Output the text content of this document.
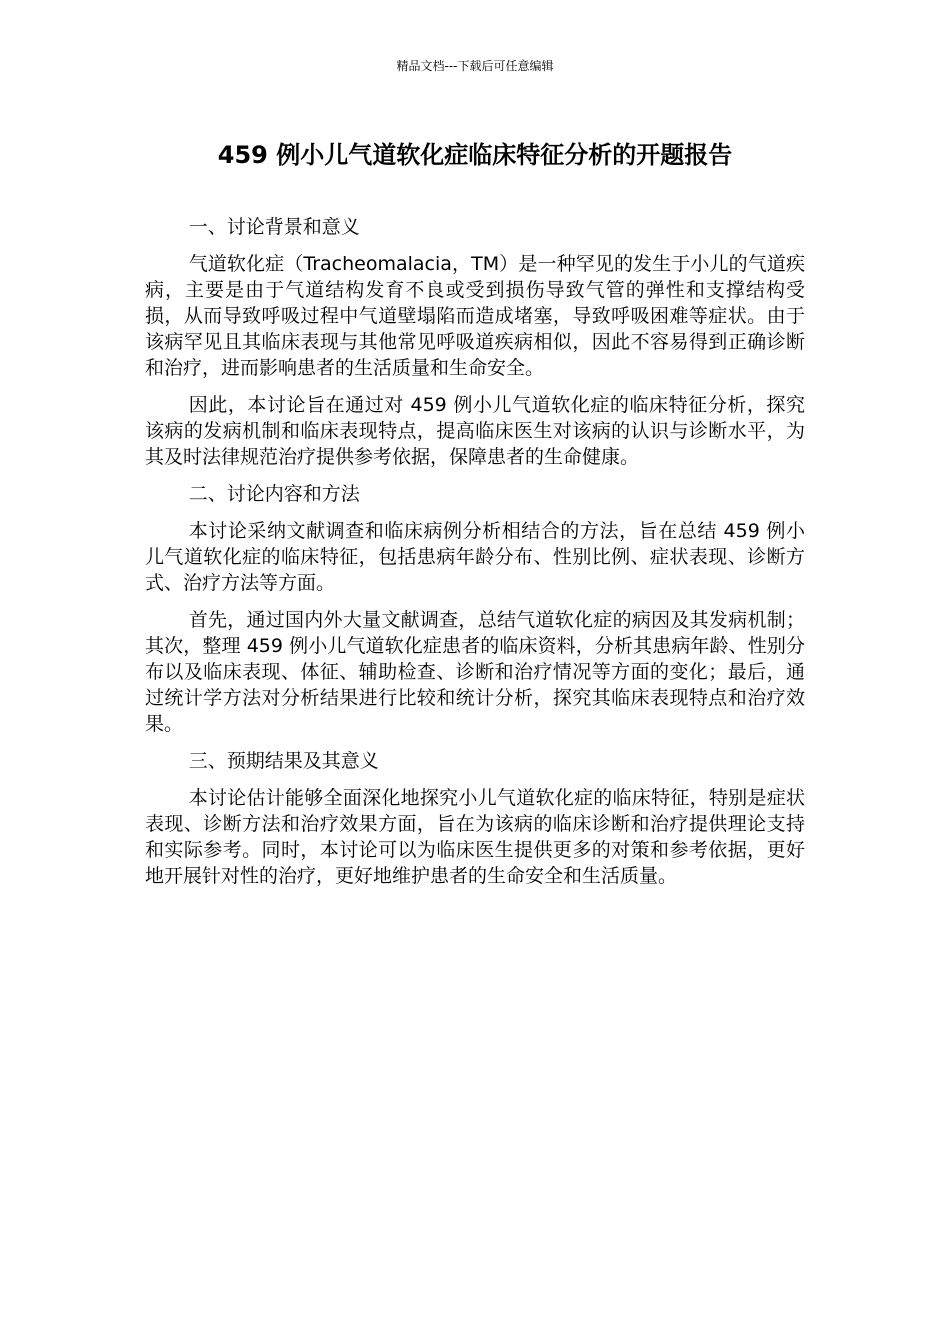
精品文档---下载后可任意编辑
459 例小儿气道软化症临床特征分析的开题报告

一、讨论背景和意义

气道软化症（Tracheomalacia，TM）是一种罕见的发生于小儿的气道疾病，主要是由于气道结构发育不良或受到损伤导致气管的弹性和支撑结构受损，从而导致呼吸过程中气道壁塌陷而造成堵塞，导致呼吸困难等症状。由于该病罕见且其临床表现与其他常见呼吸道疾病相似，因此不容易得到正确诊断和治疗，进而影响患者的生活质量和生命安全。

因此，本讨论旨在通过对 459 例小儿气道软化症的临床特征分析，探究该病的发病机制和临床表现特点，提高临床医生对该病的认识与诊断水平，为其及时法律规范治疗提供参考依据，保障患者的生命健康。

二、讨论内容和方法

本讨论采纳文献调查和临床病例分析相结合的方法，旨在总结 459 例小儿气道软化症的临床特征，包括患病年龄分布、性别比例、症状表现、诊断方式、治疗方法等方面。

首先，通过国内外大量文献调查，总结气道软化症的病因及其发病机制；其次，整理 459 例小儿气道软化症患者的临床资料，分析其患病年龄、性别分布以及临床表现、体征、辅助检查、诊断和治疗情况等方面的变化；最后，通过统计学方法对分析结果进行比较和统计分析，探究其临床表现特点和治疗效果。

三、预期结果及其意义

本讨论估计能够全面深化地探究小儿气道软化症的临床特征，特别是症状表现、诊断方法和治疗效果方面，旨在为该病的临床诊断和治疗提供理论支持和实际参考。同时，本讨论可以为临床医生提供更多的对策和参考依据，更好地开展针对性的治疗，更好地维护患者的生命安全和生活质量。
